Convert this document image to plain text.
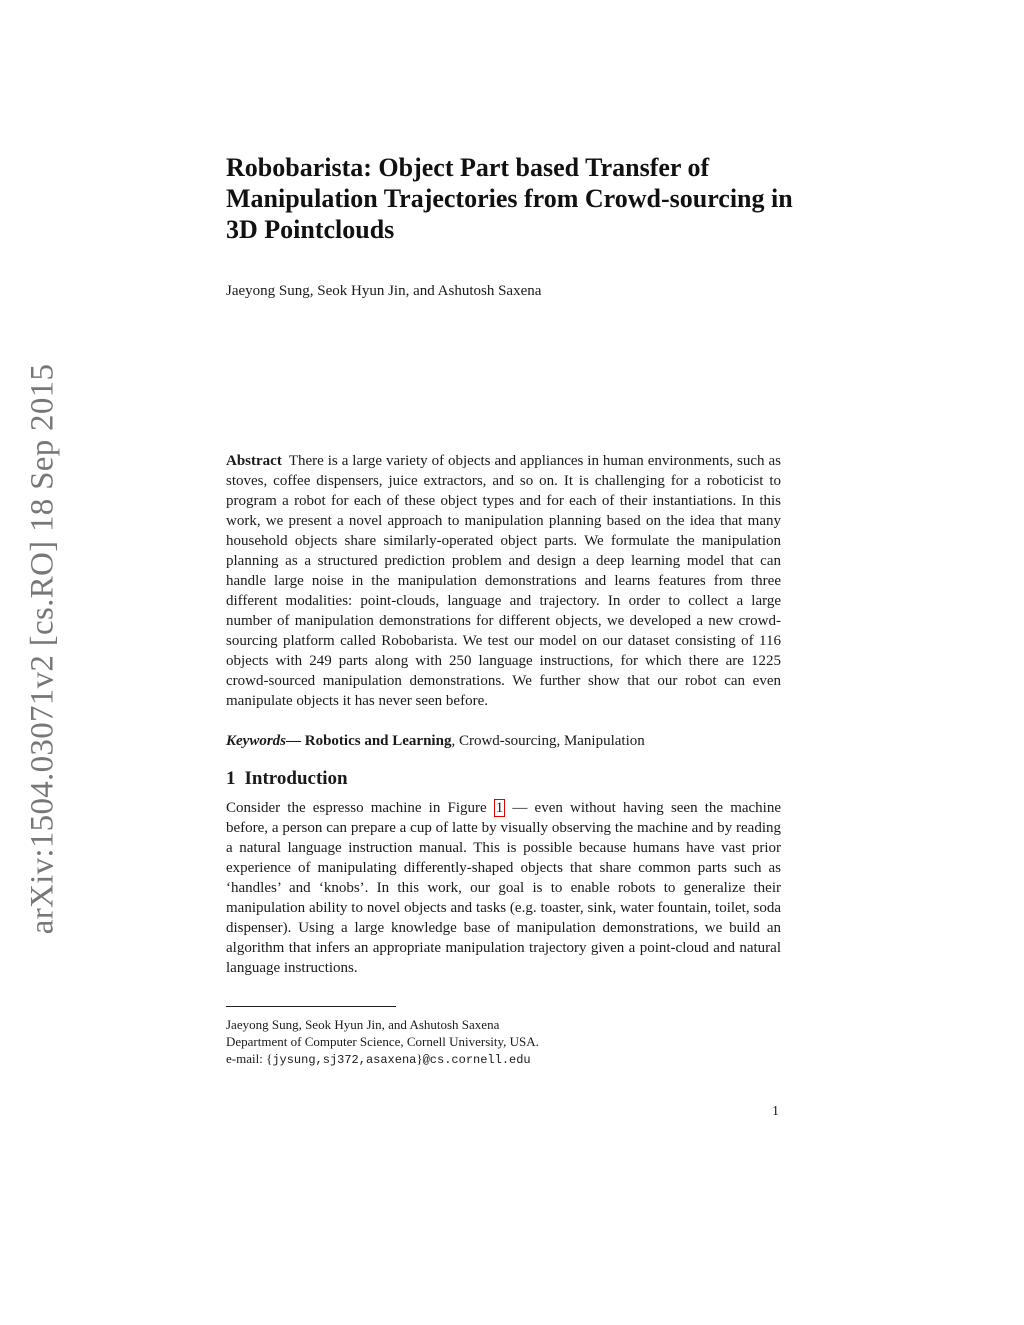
arXiv:1504.03071v2 [cs.RO] 18 Sep 2015
Robobarista: Object Part based Transfer of Manipulation Trajectories from Crowd-sourcing in 3D Pointclouds

Jaeyong Sung, Seok Hyun Jin, and Ashutosh Saxena

Abstract There is a large variety of objects and appliances in human environments, such as stoves, coffee dispensers, juice extractors, and so on. It is challenging for a roboticist to program a robot for each of these object types and for each of their instantiations. In this work, we present a novel approach to manipulation planning based on the idea that many household objects share similarly-operated object parts. We formulate the manipulation planning as a structured prediction problem and design a deep learning model that can handle large noise in the manipulation demonstrations and learns features from three different modalities: point-clouds, language and trajectory. In order to collect a large number of manipulation demonstrations for different objects, we developed a new crowd-sourcing platform called Robobarista. We test our model on our dataset consisting of 116 objects with 249 parts along with 250 language instructions, for which there are 1225 crowd-sourced manipulation demonstrations. We further show that our robot can even manipulate objects it has never seen before.

Keywords— Robotics and Learning, Crowd-sourcing, Manipulation

1 Introduction

Consider the espresso machine in Figure 1 — even without having seen the machine before, a person can prepare a cup of latte by visually observing the machine and by reading a natural language instruction manual. This is possible because humans have vast prior experience of manipulating differently-shaped objects that share common parts such as ‘handles’ and ‘knobs’. In this work, our goal is to enable robots to generalize their manipulation ability to novel objects and tasks (e.g. toaster, sink, water fountain, toilet, soda dispenser). Using a large knowledge base of manipulation demonstrations, we build an algorithm that infers an appropriate manipulation trajectory given a point-cloud and natural language instructions.

Jaeyong Sung, Seok Hyun Jin, and Ashutosh Saxena
Department of Computer Science, Cornell University, USA.
e-mail: {jysung,sj372,asaxena}@cs.cornell.edu

1
